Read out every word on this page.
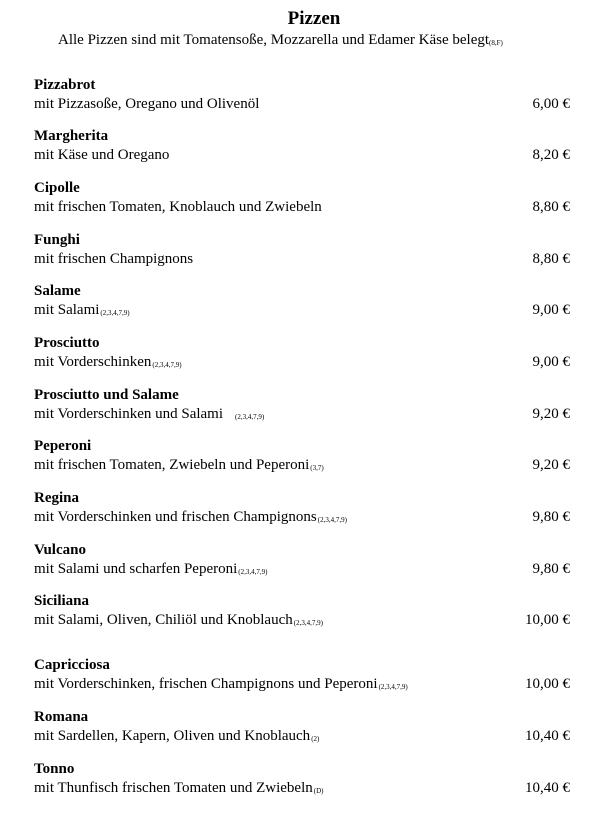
Pizzen
Alle Pizzen sind mit Tomatensoße, Mozzarella und Edamer Käse belegt(8,F)
Pizzabrot
mit Pizzasoße, Oregano und Olivenöl	6,00 €
Margherita
mit Käse und Oregano	8,20 €
Cipolle
mit frischen Tomaten, Knoblauch und Zwiebeln	8,80 €
Funghi
mit frischen Champignons	8,80 €
Salame
mit Salami(2,3,4,7,9)	9,00 €
Prosciutto
mit Vorderschinken(2,3,4,7,9)	9,00 €
Prosciutto und Salame
mit Vorderschinken und Salami (2,3,4,7,9)	9,20 €
Peperoni
mit frischen Tomaten, Zwiebeln und Peperoni(3,7)	9,20 €
Regina
mit Vorderschinken und frischen Champignons(2,3,4,7,9)	9,80 €
Vulcano
mit Salami und scharfen Peperoni(2,3,4,7,9)	9,80 €
Siciliana
mit Salami, Oliven, Chiliöl und Knoblauch(2,3,4,7,9)	10,00 €
Capricciosa
mit Vorderschinken, frischen Champignons und Peperoni(2,3,4,7,9)	10,00 €
Romana
mit Sardellen, Kapern, Oliven und Knoblauch(2)	10,40 €
Tonno
mit Thunfisch frischen Tomaten und Zwiebeln(D)	10,40 €
